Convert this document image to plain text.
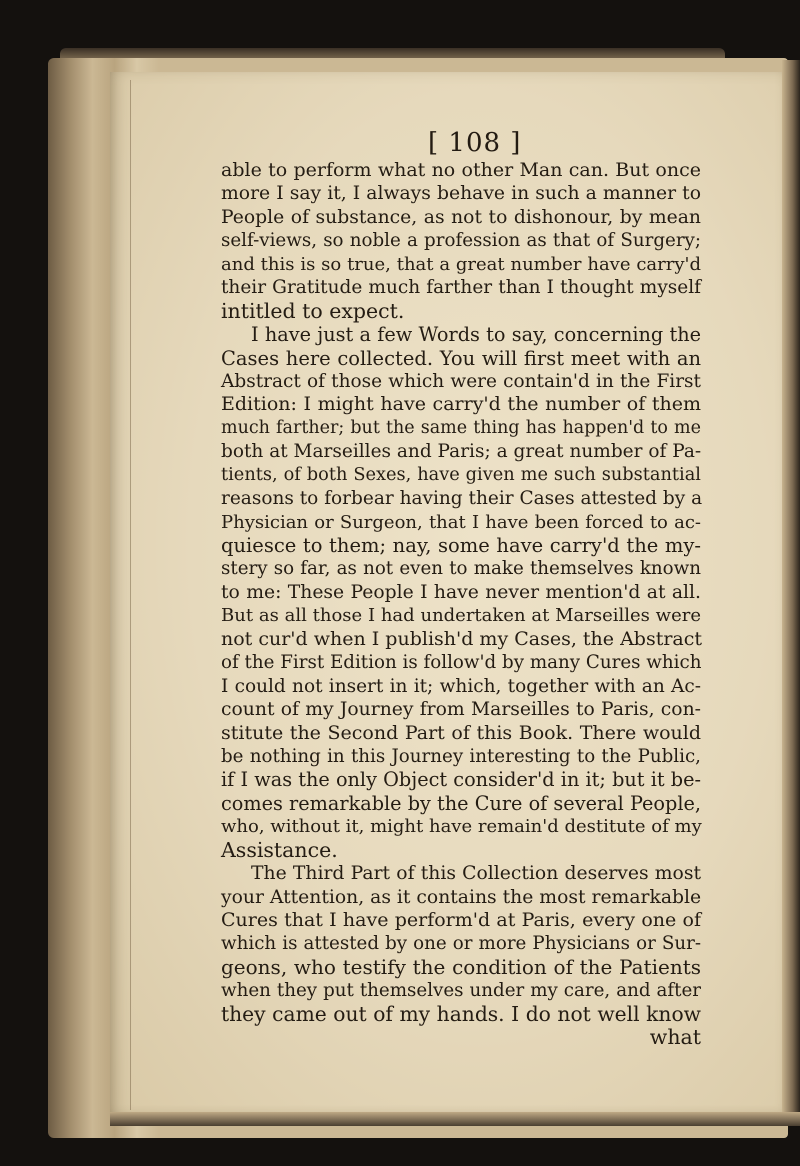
[ 108 ]
able to perform what no other Man can. But once
more I say it, I always behave in such a manner to
People of substance, as not to dishonour, by mean
self-views, so noble a profession as that of Surgery;
and this is so true, that a great number have carry'd
their Gratitude much farther than I thought myself
intitled to expect.
I have just a few Words to say, concerning the
Cases here collected. You will first meet with an
Abstract of those which were contain'd in the First
Edition: I might have carry'd the number of them
much farther; but the same thing has happen'd to me
both at Marseilles and Paris; a great number of Pa-
tients, of both Sexes, have given me such substantial
reasons to forbear having their Cases attested by a
Physician or Surgeon, that I have been forced to ac-
quiesce to them; nay, some have carry'd the my-
stery so far, as not even to make themselves known
to me: These People I have never mention'd at all.
But as all those I had undertaken at Marseilles were
not cur'd when I publish'd my Cases, the Abstract
of the First Edition is follow'd by many Cures which
I could not insert in it; which, together with an Ac-
count of my Journey from Marseilles to Paris, con-
stitute the Second Part of this Book. There would
be nothing in this Journey interesting to the Public,
if I was the only Object consider'd in it; but it be-
comes remarkable by the Cure of several People,
who, without it, might have remain'd destitute of my
Assistance.
The Third Part of this Collection deserves most
your Attention, as it contains the most remarkable
Cures that I have perform'd at Paris, every one of
which is attested by one or more Physicians or Sur-
geons, who testify the condition of the Patients
when they put themselves under my care, and after
they came out of my hands. I do not well know
what
